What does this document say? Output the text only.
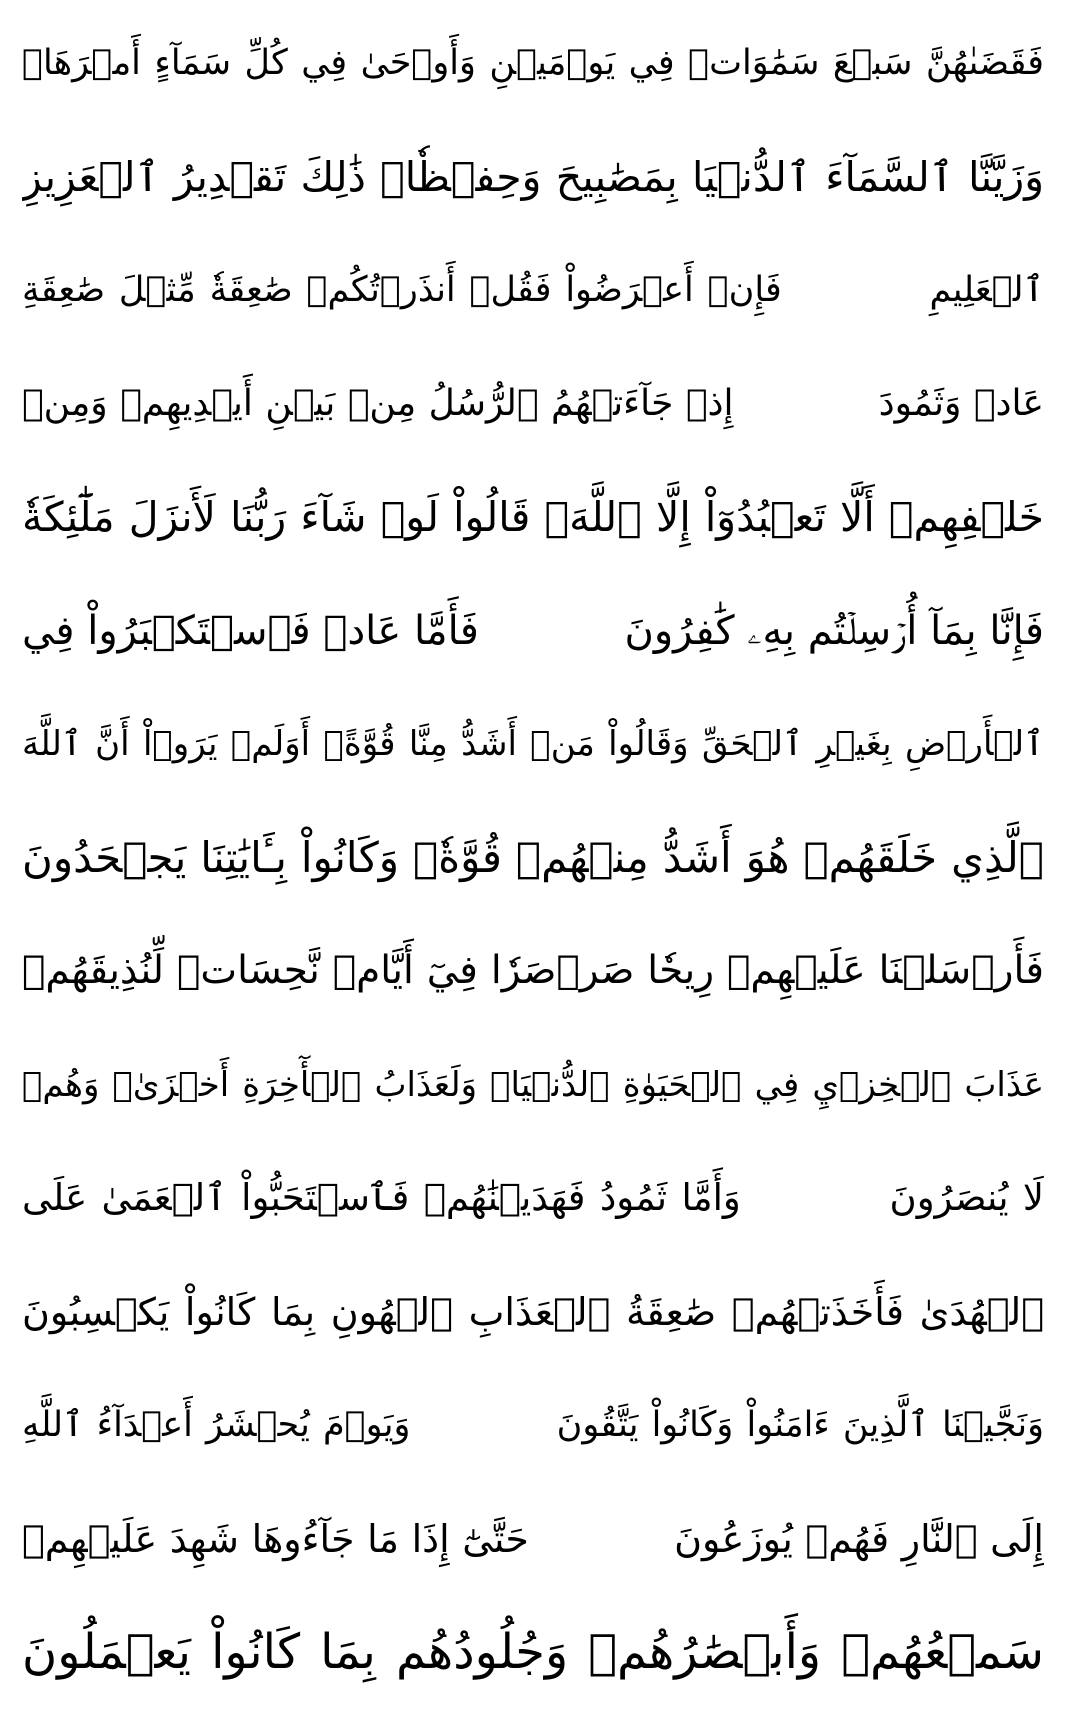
فَقَضَىٰهُنَّ سَبۡعَ سَمَٰوَاتٖ فِي يَوۡمَيۡنِ وَأَوۡحَىٰ فِي كُلِّ سَمَآءٍ أَمۡرَهَاۚ
وَزَيَّنَّا ٱلسَّمَآءَ ٱلدُّنۡيَا بِمَصَٰبِيحَ وَحِفۡظٗاۚ ذَٰلِكَ تَقۡدِيرُ ٱلۡعَزِيزِ
ٱلۡعَلِيمِ  فَإِنۡ أَعۡرَضُواْ فَقُلۡ أَنذَرۡتُكُمۡ صَٰعِقَةٗ مِّثۡلَ صَٰعِقَةِ
عَادٖ وَثَمُودَ  إِذۡ جَآءَتۡهُمُ ٱلرُّسُلُ مِنۢ بَيۡنِ أَيۡدِيهِمۡ وَمِنۡ
خَلۡفِهِمۡ أَلَّا تَعۡبُدُوٓاْ إِلَّا ٱللَّهَۖ قَالُواْ لَوۡ شَآءَ رَبُّنَا لَأَنزَلَ مَلَٰٓئِكَةٗ
فَإِنَّا بِمَآ أُرۡسِلۡتُم بِهِۦ كَٰفِرُونَ  فَأَمَّا عَادٞ فَٱسۡتَكۡبَرُواْ فِي
ٱلۡأَرۡضِ بِغَيۡرِ ٱلۡحَقِّ وَقَالُواْ مَنۡ أَشَدُّ مِنَّا قُوَّةًۖ أَوَلَمۡ يَرَوۡاْ أَنَّ ٱللَّهَ
ٱلَّذِي خَلَقَهُمۡ هُوَ أَشَدُّ مِنۡهُمۡ قُوَّةٗۖ وَكَانُواْ بِـَٔايَٰتِنَا يَجۡحَدُونَ
فَأَرۡسَلۡنَا عَلَيۡهِمۡ رِيحٗا صَرۡصَرٗا فِيٓ أَيَّامٖ نَّحِسَاتٖ لِّنُذِيقَهُمۡ
عَذَابَ ٱلۡخِزۡيِ فِي ٱلۡحَيَوٰةِ ٱلدُّنۡيَاۖ وَلَعَذَابُ ٱلۡأٓخِرَةِ أَخۡزَىٰۖ وَهُمۡ
لَا يُنصَرُونَ  وَأَمَّا ثَمُودُ فَهَدَيۡنَٰهُمۡ فَٱسۡتَحَبُّواْ ٱلۡعَمَىٰ عَلَى
ٱلۡهُدَىٰ فَأَخَذَتۡهُمۡ صَٰعِقَةُ ٱلۡعَذَابِ ٱلۡهُونِ بِمَا كَانُواْ يَكۡسِبُونَ
وَنَجَّيۡنَا ٱلَّذِينَ ءَامَنُواْ وَكَانُواْ يَتَّقُونَ  وَيَوۡمَ يُحۡشَرُ أَعۡدَآءُ ٱللَّهِ
إِلَى ٱلنَّارِ فَهُمۡ يُوزَعُونَ  حَتَّىٰٓ إِذَا مَا جَآءُوهَا شَهِدَ عَلَيۡهِمۡ
سَمۡعُهُمۡ وَأَبۡصَٰرُهُمۡ وَجُلُودُهُم بِمَا كَانُواْ يَعۡمَلُونَ
